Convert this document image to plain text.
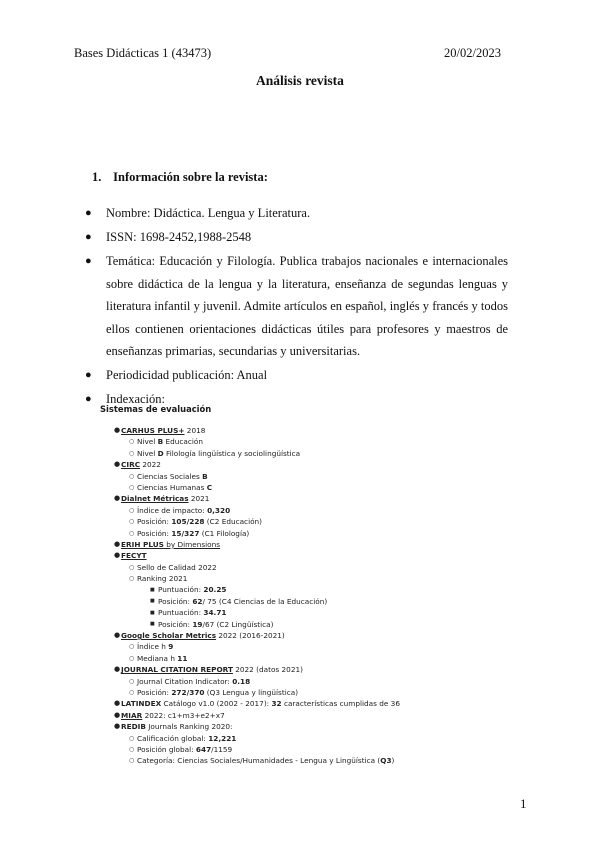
Bases Didácticas 1 (43473)	20/02/2023
Análisis revista
1. Información sobre la revista:
● Nombre: Didáctica. Lengua y Literatura.
● ISSN: 1698-2452,1988-2548
● Temática: Educación y Filología. Publica trabajos nacionales e internacionales sobre didáctica de la lengua y la literatura, enseñanza de segundas lenguas y literatura infantil y juvenil. Admite artículos en español, inglés y francés y todos ellos contienen orientaciones didácticas útiles para profesores y maestros de enseñanzas primarias, secundarias y universitarias.
● Periodicidad publicación: Anual
● Indexación:
Sistemas de evaluación
● CARHUS PLUS+ 2018
○ Nivel B Educación
○ Nivel D Filología lingüística y sociolingüística
● CIRC 2022
○ Ciencias Sociales B
○ Ciencias Humanas C
● Dialnet Métricas 2021
○ Índice de impacto: 0,320
○ Posición: 105/228 (C2 Educación)
○ Posición: 15/327 (C1 Filología)
● ERIH PLUS by Dimensions
● FECYT
○ Sello de Calidad 2022
○ Ranking 2021
■ Puntuación: 20.25
■ Posición: 62/ 75 (C4 Ciencias de la Educación)
■ Puntuación: 34.71
■ Posición: 19/67 (C2 Lingüística)
● Google Scholar Metrics 2022 (2016-2021)
○ Índice h 9
○ Mediana h 11
● JOURNAL CITATION REPORT 2022 (datos 2021)
○ Journal Citation Indicator: 0.18
○ Posición: 272/370 (Q3 Lengua y lingüística)
● LATINDEX Catálogo v1.0 (2002 - 2017): 32 características cumplidas de 36
● MIAR 2022: c1+m3+e2+x7
● REDIB Journals Ranking 2020:
○ Calificación global: 12,221
○ Posición global: 647/1159
○ Categoría: Ciencias Sociales/Humanidades - Lengua y Lingüística (Q3)
1
